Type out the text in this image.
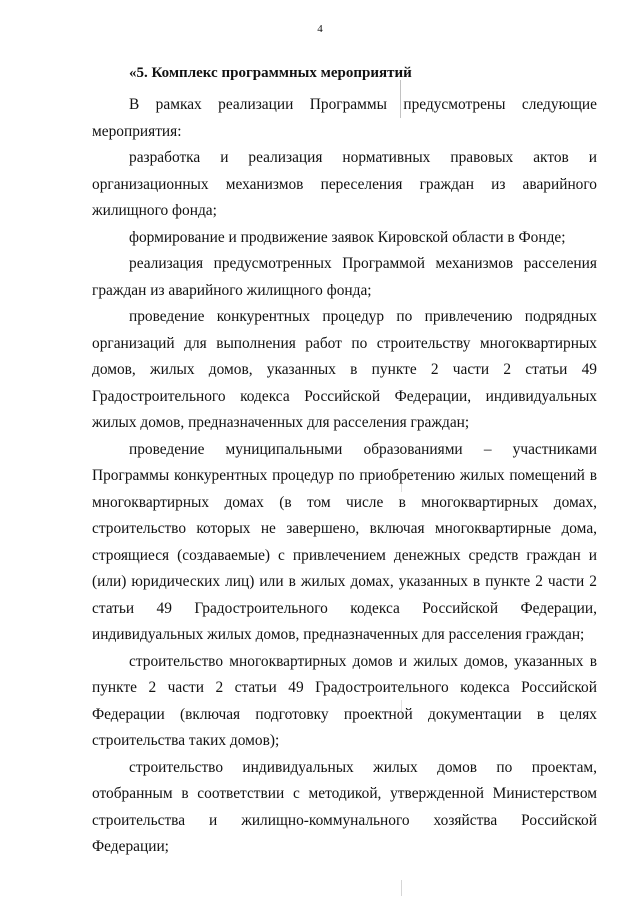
4
«5. Комплекс программных мероприятий

В рамках реализации Программы предусмотрены следующие мероприятия:

разработка и реализация нормативных правовых актов и организационных механизмов переселения граждан из аварийного жилищного фонда;

формирование и продвижение заявок Кировской области в Фонде;

реализация предусмотренных Программой механизмов расселения граждан из аварийного жилищного фонда;

проведение конкурентных процедур по привлечению подрядных организаций для выполнения работ по строительству многоквартирных домов, жилых домов, указанных в пункте 2 части 2 статьи 49 Градостроительного кодекса Российской Федерации, индивидуальных жилых домов, предназначенных для расселения граждан;

проведение муниципальными образованиями – участниками Программы конкурентных процедур по приобретению жилых помещений в многоквартирных домах (в том числе в многоквартирных домах, строительство которых не завершено, включая многоквартирные дома, строящиеся (создаваемые) с привлечением денежных средств граждан и (или) юридических лиц) или в жилых домах, указанных в пункте 2 части 2 статьи 49 Градостроительного кодекса Российской Федерации, индивидуальных жилых домов, предназначенных для расселения граждан;

строительство многоквартирных домов и жилых домов, указанных в пункте 2 части 2 статьи 49 Градостроительного кодекса Российской Федерации (включая подготовку проектной документации в целях строительства таких домов);

строительство индивидуальных жилых домов по проектам, отобранным в соответствии с методикой, утвержденной Министерством строительства и жилищно-коммунального хозяйства Российской Федерации;
